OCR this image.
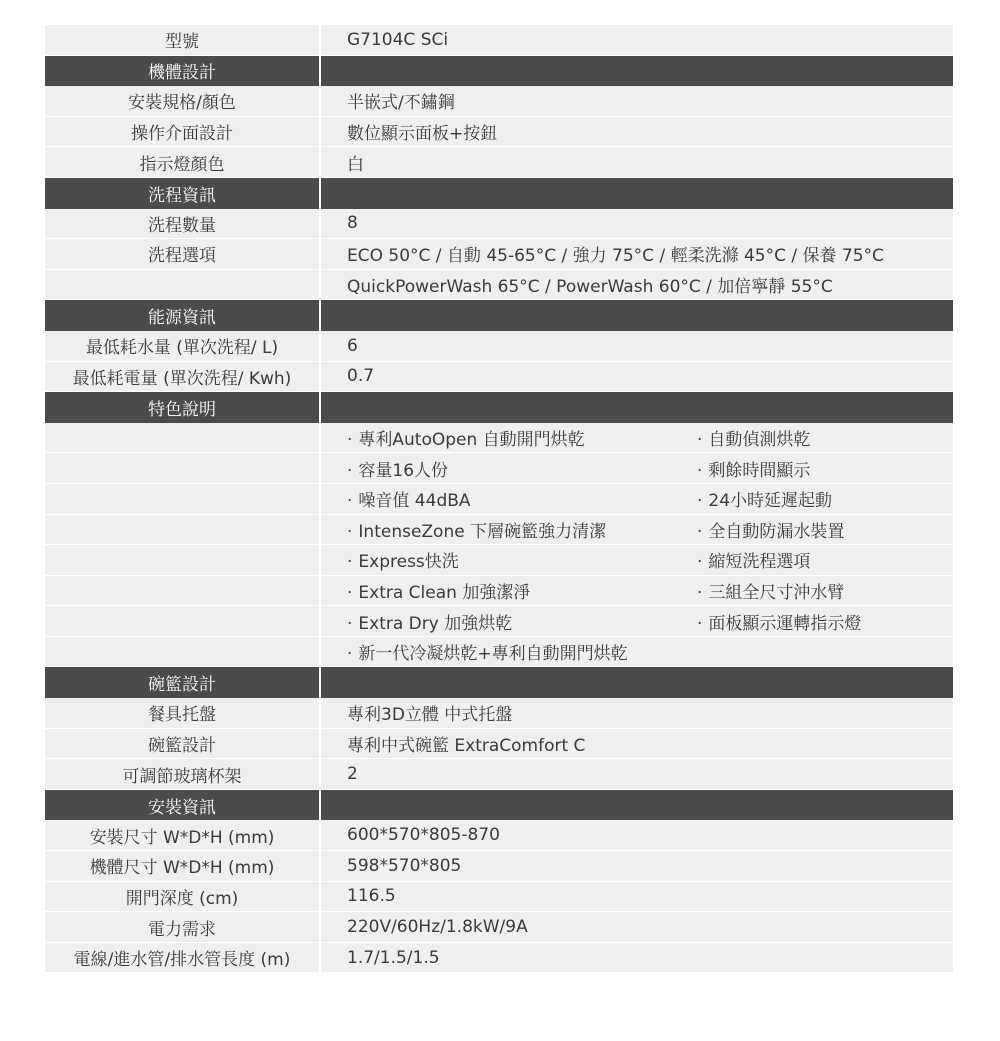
型號	G7104C SCi
機體設計
安裝規格/顏色	半嵌式/不鏽鋼
操作介面設計	數位顯示面板+按鈕
指示燈顏色	白
洗程資訊
洗程數量	8
洗程選項	ECO 50°C / 自動 45-65°C / 強力 75°C / 輕柔洗滌 45°C / 保養 75°C
QuickPowerWash 65°C / PowerWash 60°C / 加倍寧靜 55°C
能源資訊
最低耗水量 (單次洗程/ L)	6
最低耗電量 (單次洗程/ Kwh)	0.7
特色說明
· 專利AutoOpen 自動開門烘乾	· 自動偵測烘乾
· 容量16人份	· 剩餘時間顯示
· 噪音值 44dBA	· 24小時延遲起動
· IntenseZone 下層碗籃強力清潔	· 全自動防漏水裝置
· Express快洗	· 縮短洗程選項
· Extra Clean 加強潔淨	· 三組全尺寸沖水臂
· Extra Dry 加強烘乾	· 面板顯示運轉指示燈
· 新一代冷凝烘乾+專利自動開門烘乾
碗籃設計
餐具托盤	專利3D立體 中式托盤
碗籃設計	專利中式碗籃 ExtraComfort C
可調節玻璃杯架	2
安裝資訊
安裝尺寸 W*D*H (mm)	600*570*805-870
機體尺寸 W*D*H (mm)	598*570*805
開門深度 (cm)	116.5
電力需求	220V/60Hz/1.8kW/9A
電線/進水管/排水管長度 (m)	1.7/1.5/1.5
